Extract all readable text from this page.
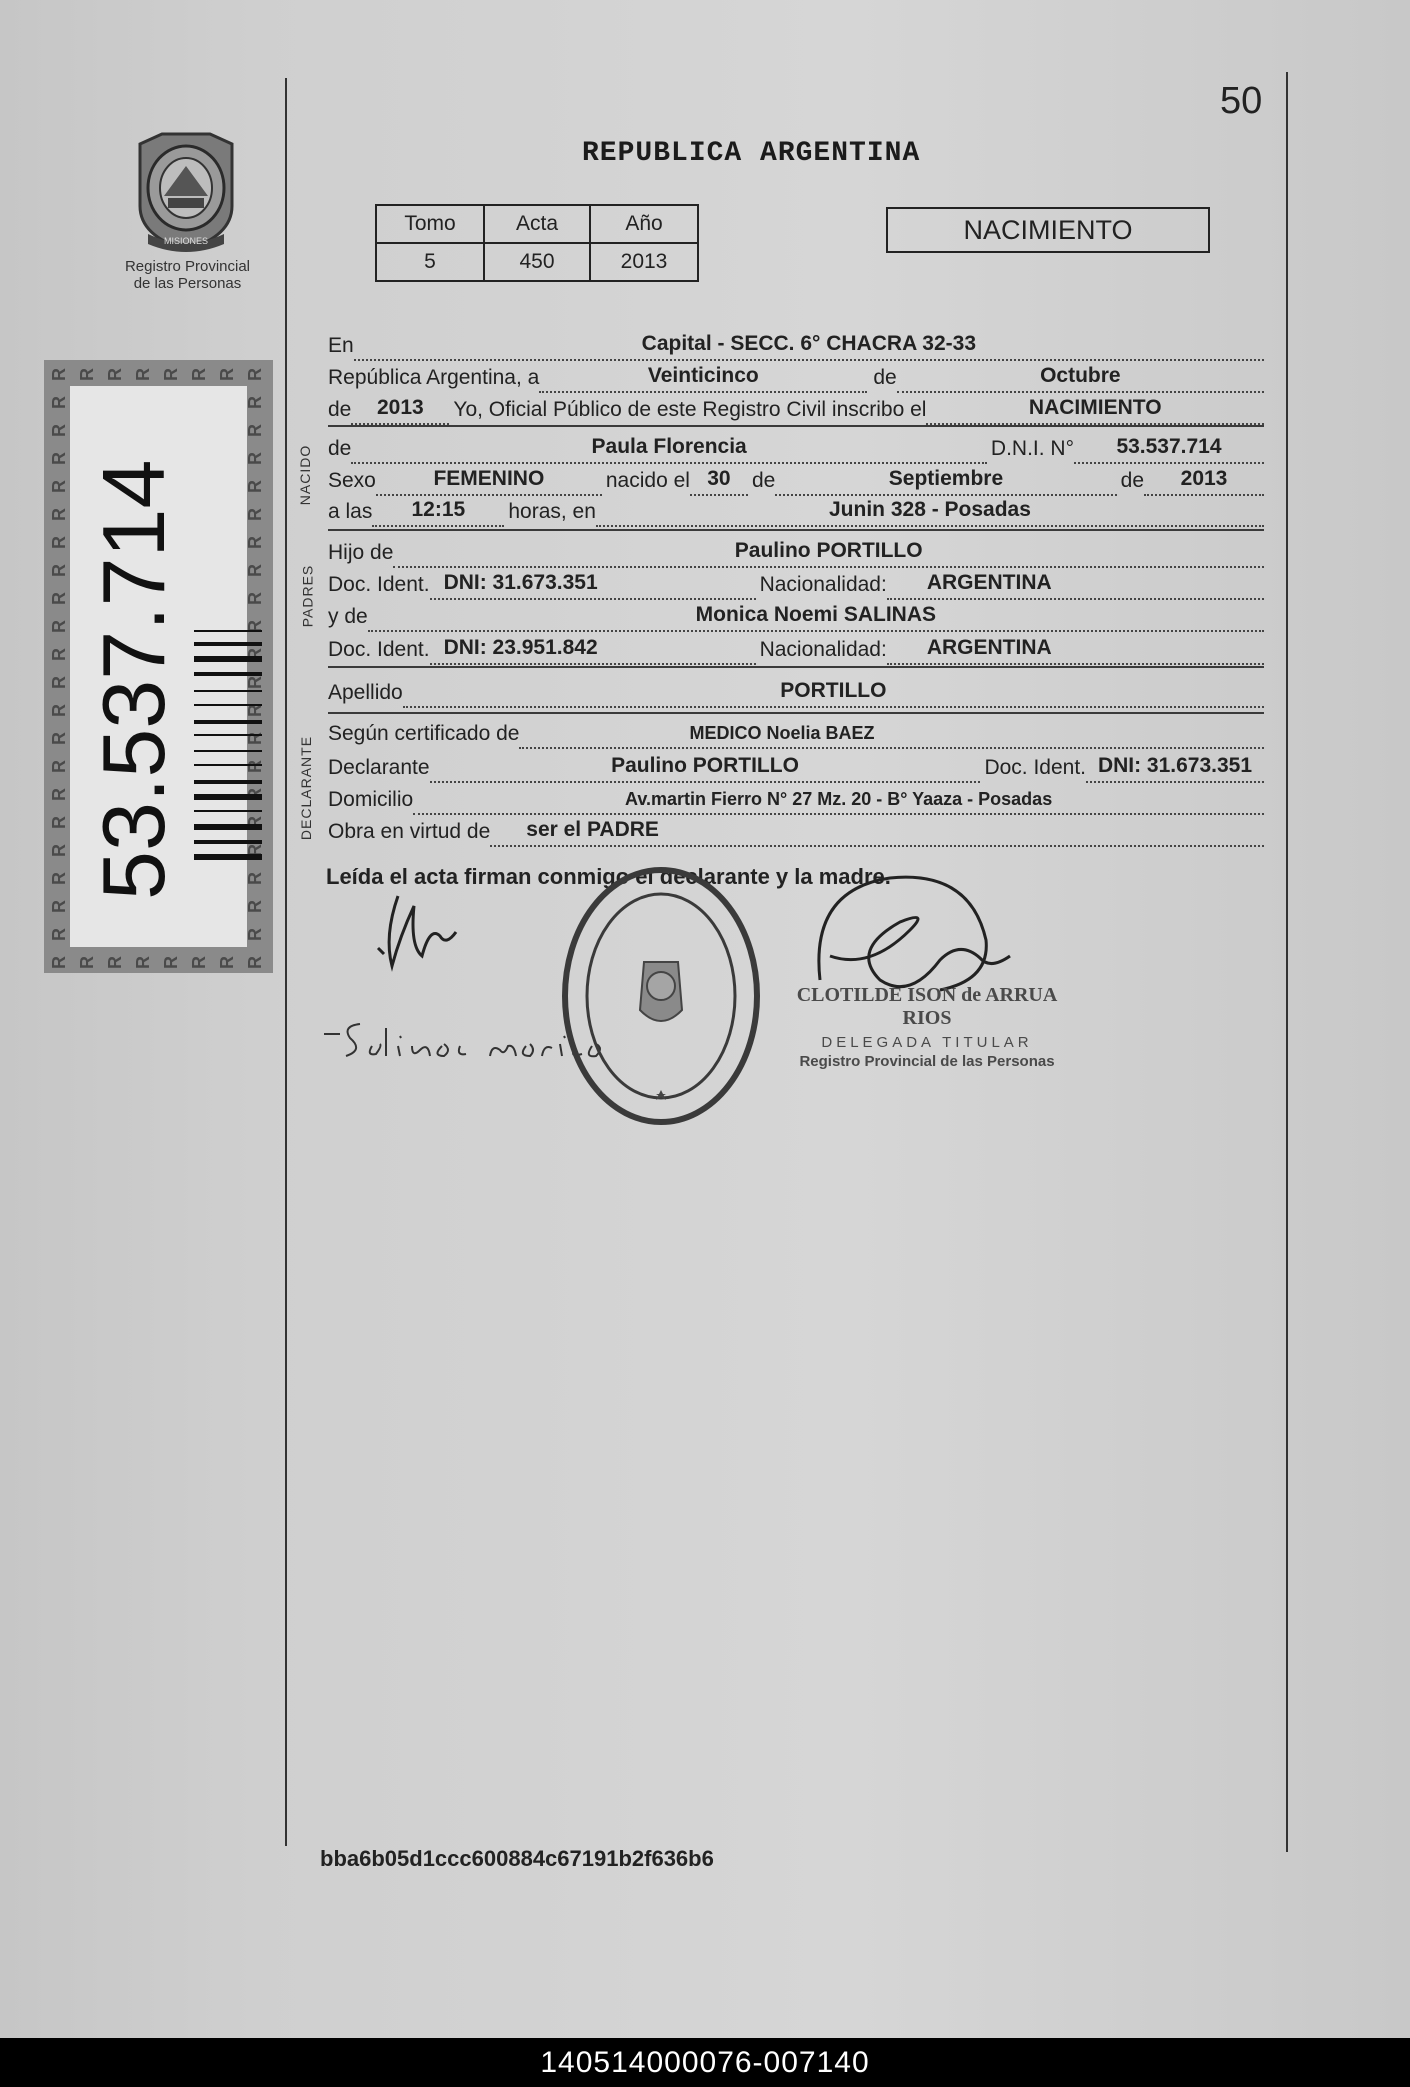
50
REPUBLICA ARGENTINA
MISIONES
Registro Provincial
de las Personas
Tomo	Acta	Año
5	450	2013
NACIMIENTO
53.537.714	NACIDO
PADRES
DECLARANTE
En	Capital - SECC. 6° CHACRA 32-33
República Argentina, a	Veinticinco	de	Octubre
de	2013	Yo, Oficial Público de este Registro Civil inscribo el	NACIMIENTO
de	Paula Florencia	D.N.I. N°	53.537.714
Sexo	FEMENINO	nacido el 30	de	Septiembre	de	2013
a las	12:15	horas, en	Junin 328 - Posadas
Hijo de	Paulino PORTILLO
Doc. Ident. DNI: 31.673.351	Nacionalidad: ARGENTINA
y de	Monica Noemi SALINAS
Doc. Ident. DNI: 23.951.842	Nacionalidad: ARGENTINA
Apellido	PORTILLO
Según certificado de	MEDICO Noelia BAEZ
Declarante	Paulino PORTILLO	Doc. Ident. DNI: 31.673.351
Domicilio	Av.martin Fierro N° 27 Mz. 20 - B° Yaaza - Posadas
Obra en virtud de ser el PADRE
Leída el acta firman conmigo el declarante y la madre.
CLOTILDE ISON de ARRUA RIOS
DELEGADA TITULAR
Registro Provincial de las Personas
bba6b05d1ccc600884c67191b2f636b6
140514000076-007140
